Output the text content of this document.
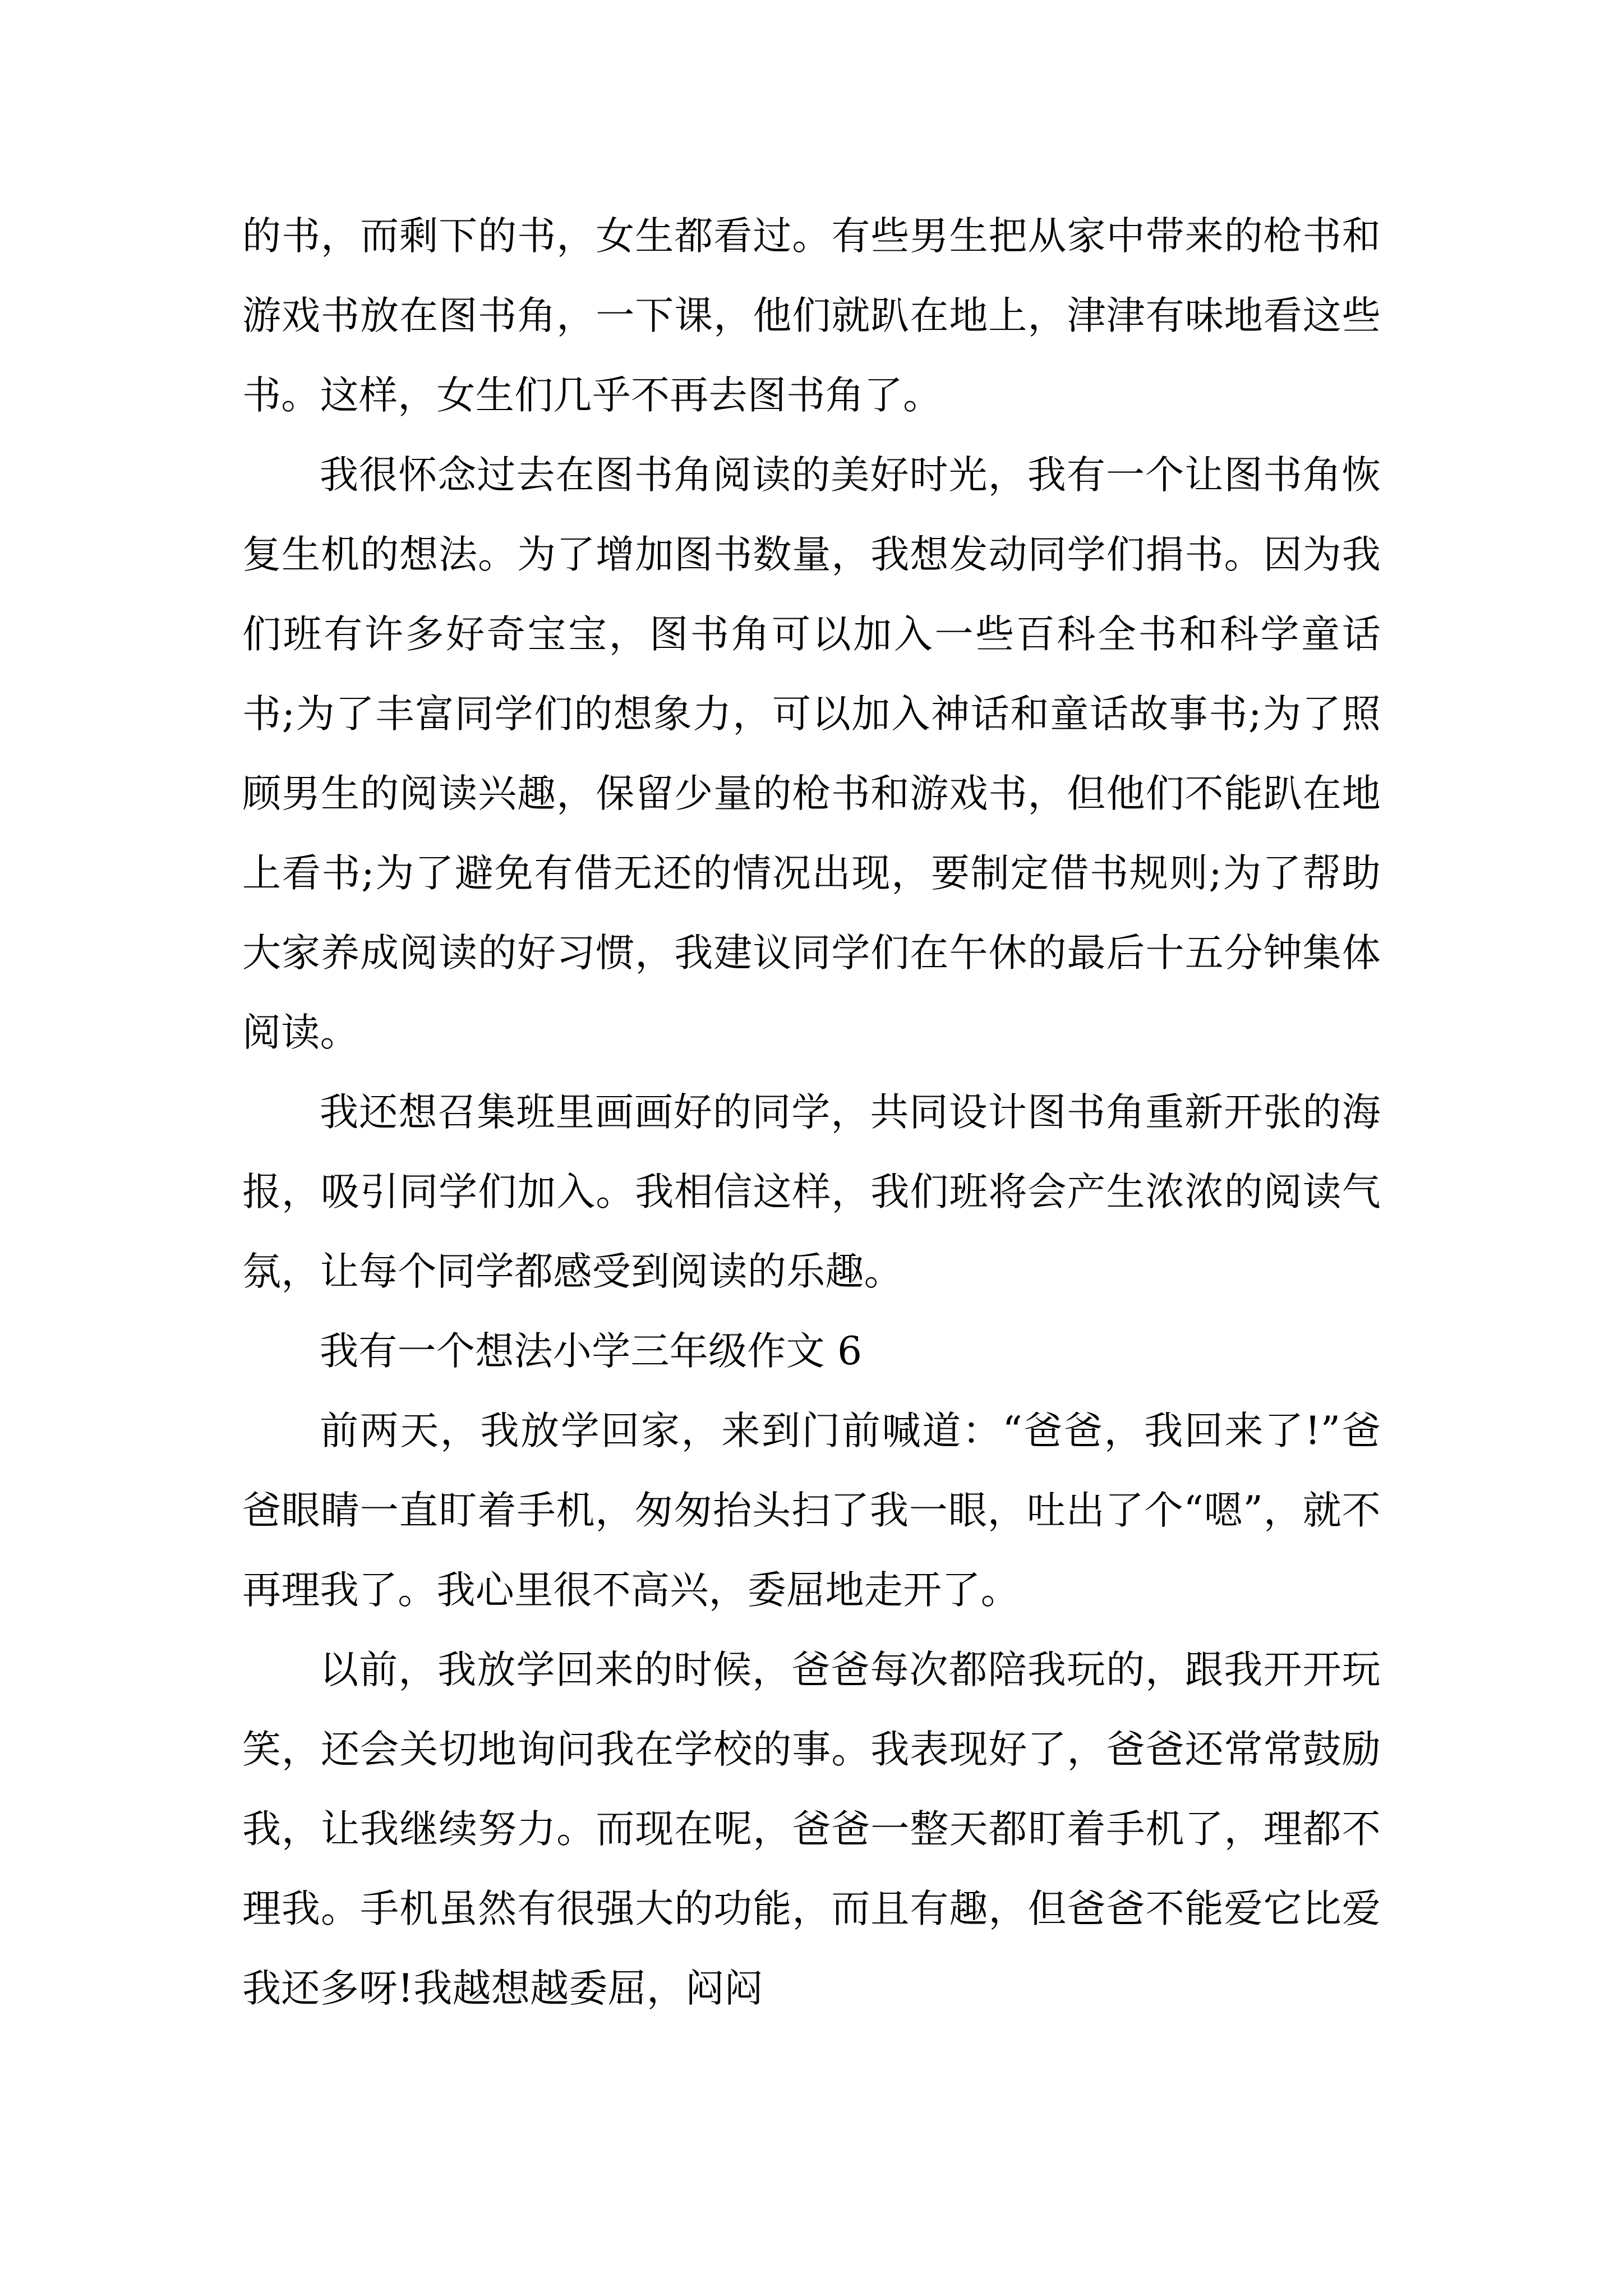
的书，而剩下的书，女生都看过。有些男生把从家中带来的枪书和游戏书放在图书角，一下课，他们就趴在地上，津津有味地看这些书。这样，女生们几乎不再去图书角了。

我很怀念过去在图书角阅读的美好时光，我有一个让图书角恢复生机的想法。为了增加图书数量，我想发动同学们捐书。因为我们班有许多好奇宝宝，图书角可以加入一些百科全书和科学童话书;为了丰富同学们的想象力，可以加入神话和童话故事书;为了照顾男生的阅读兴趣，保留少量的枪书和游戏书，但他们不能趴在地上看书;为了避免有借无还的情况出现，要制定借书规则;为了帮助大家养成阅读的好习惯，我建议同学们在午休的最后十五分钟集体阅读。

我还想召集班里画画好的同学，共同设计图书角重新开张的海报，吸引同学们加入。我相信这样，我们班将会产生浓浓的阅读气氛，让每个同学都感受到阅读的乐趣。

我有一个想法小学三年级作文 6

前两天，我放学回家，来到门前喊道：“爸爸，我回来了!”爸爸眼睛一直盯着手机，匆匆抬头扫了我一眼，吐出了个“嗯”，就不再理我了。我心里很不高兴，委屈地走开了。

以前，我放学回来的时候，爸爸每次都陪我玩的，跟我开开玩笑，还会关切地询问我在学校的事。我表现好了，爸爸还常常鼓励我，让我继续努力。而现在呢，爸爸一整天都盯着手机了，理都不理我。手机虽然有很强大的功能，而且有趣，但爸爸不能爱它比爱我还多呀!我越想越委屈，闷闷
